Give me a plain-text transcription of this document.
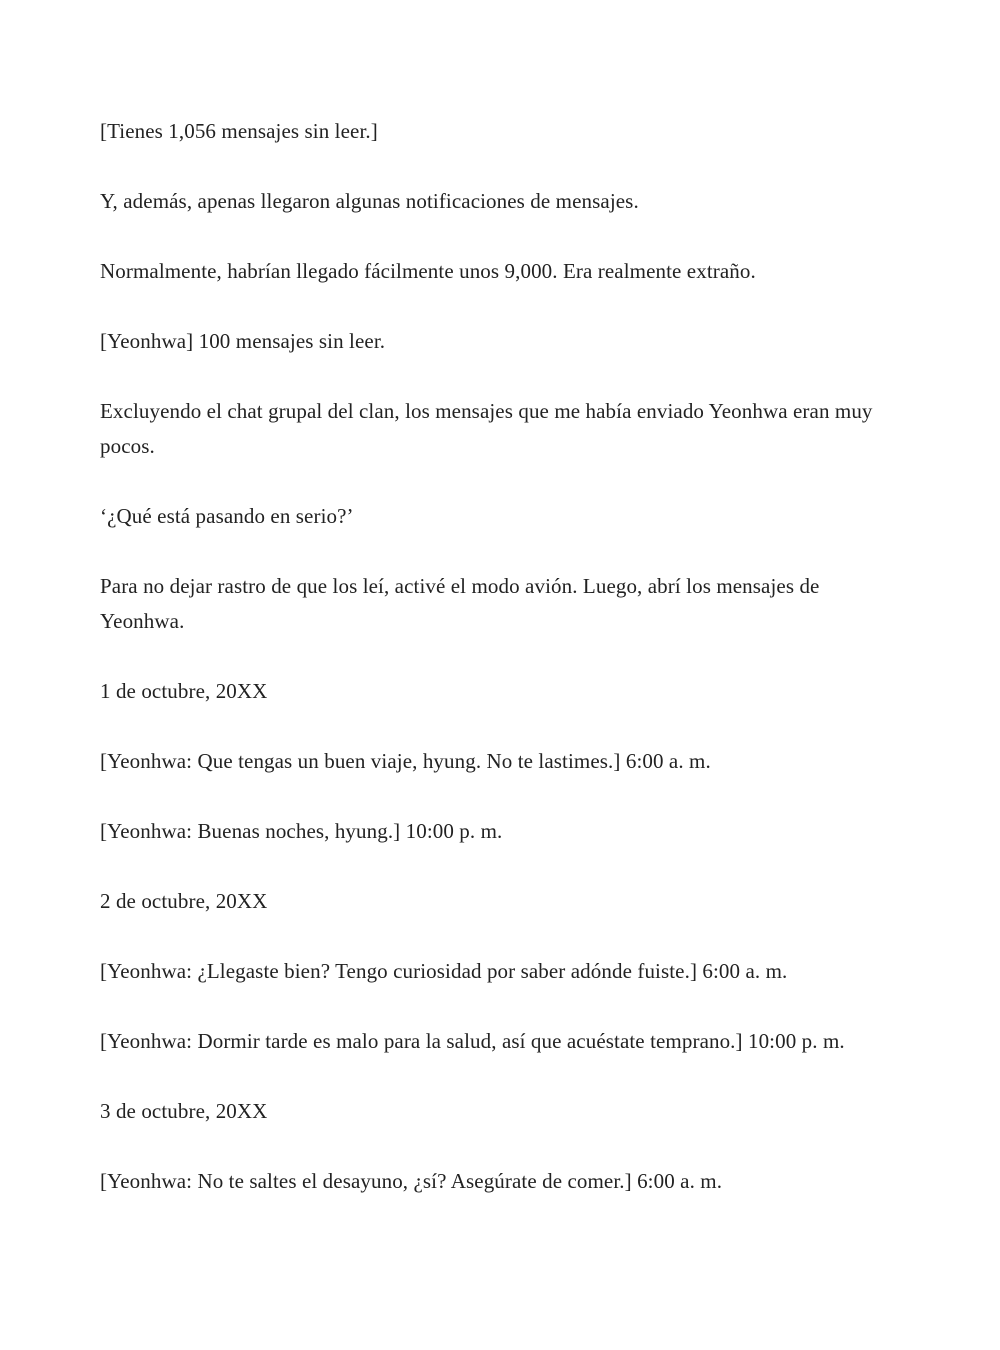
[Tienes 1,056 mensajes sin leer.]

Y, además, apenas llegaron algunas notificaciones de mensajes.

Normalmente, habrían llegado fácilmente unos 9,000. Era realmente extraño.

[Yeonhwa] 100 mensajes sin leer.

Excluyendo el chat grupal del clan, los mensajes que me había enviado Yeonhwa eran muy pocos.

‘¿Qué está pasando en serio?’

Para no dejar rastro de que los leí, activé el modo avión. Luego, abrí los mensajes de Yeonhwa.

1 de octubre, 20XX

[Yeonhwa: Que tengas un buen viaje, hyung. No te lastimes.] 6:00 a. m.

[Yeonhwa: Buenas noches, hyung.] 10:00 p. m.

2 de octubre, 20XX

[Yeonhwa: ¿Llegaste bien? Tengo curiosidad por saber adónde fuiste.] 6:00 a. m.

[Yeonhwa: Dormir tarde es malo para la salud, así que acuéstate temprano.] 10:00 p. m.

3 de octubre, 20XX

[Yeonhwa: No te saltes el desayuno, ¿sí? Asegúrate de comer.] 6:00 a. m.
